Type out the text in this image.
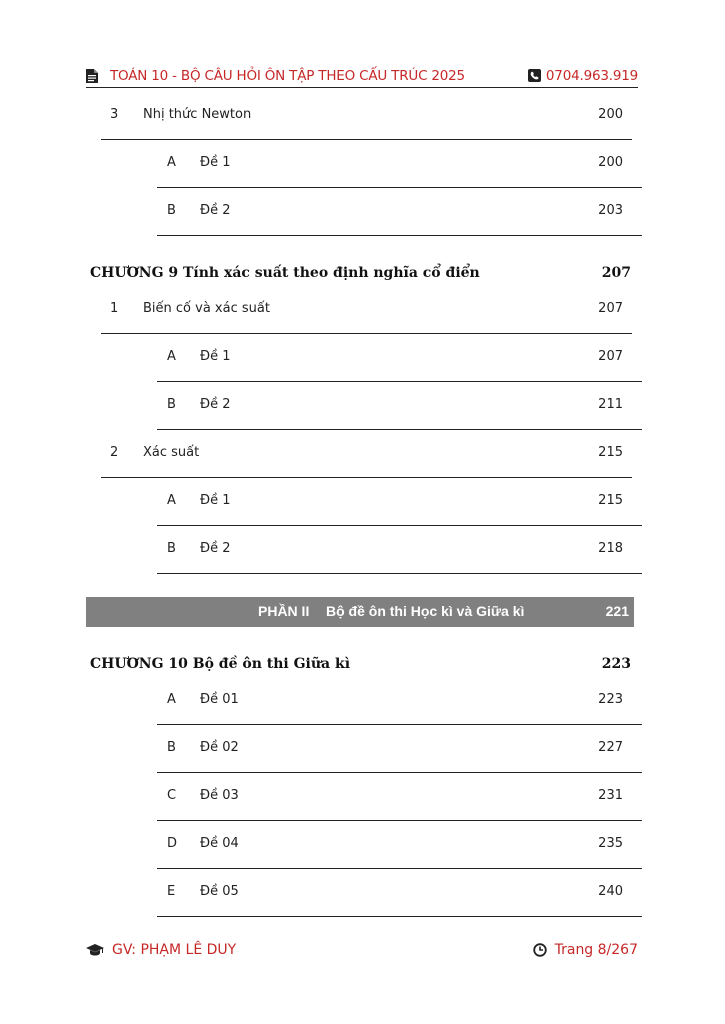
TOÁN 10 - BỘ CÂU HỎI ÔN TẬP THEO CẤU TRÚC 2025	0704.963.919
3 Nhị thức Newton	200
A Đề 1	200
B Đề 2	203
CHƯƠNG 9 Tính xác suất theo định nghĩa cổ điển	207
1 Biến cố và xác suất	207
A Đề 1	207
B Đề 2	211
2 Xác suất	215
A Đề 1	215
B Đề 2	218
PHẦN II Bộ đề ôn thi Học kì và Giữa kì	221
CHƯƠNG 10 Bộ đề ôn thi Giữa kì	223
A Đề 01	223
B Đề 02	227
C Đề 03	231
D Đề 04	235
E Đề 05	240
GV: PHẠM LÊ DUY	Trang 8/267
